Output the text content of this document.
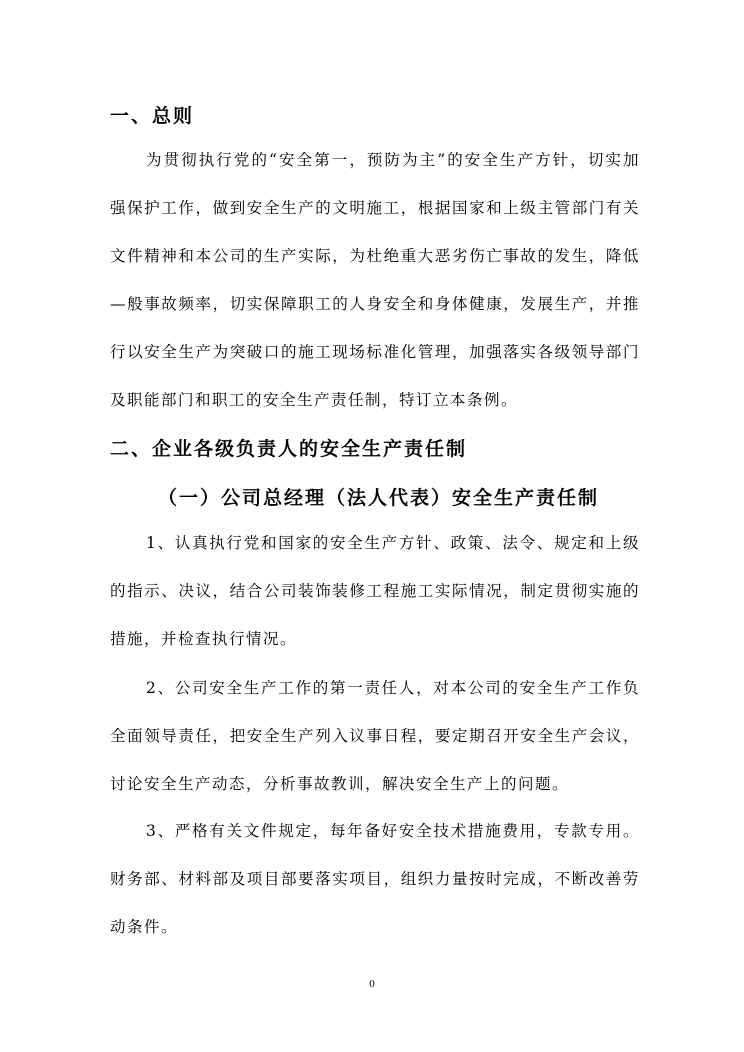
一、总则
为贯彻执行党的“安全第一，预防为主”的安全生产方针，切实加强保护工作，做到安全生产的文明施工，根据国家和上级主管部门有关文件精神和本公司的生产实际，为杜绝重大恶劣伤亡事故的发生，降低—般事故频率，切实保障职工的人身安全和身体健康，发展生产，并推行以安全生产为突破口的施工现场标准化管理，加强落实各级领导部门及职能部门和职工的安全生产责任制，特订立本条例。
二、企业各级负责人的安全生产责任制
（一）公司总经理（法人代表）安全生产责任制
1、认真执行党和国家的安全生产方针、政策、法令、规定和上级的指示、决议，结合公司装饰装修工程施工实际情况，制定贯彻实施的措施，并检查执行情况。
2、公司安全生产工作的第一责任人，对本公司的安全生产工作负全面领导责任，把安全生产列入议事日程，要定期召开安全生产会议，讨论安全生产动态，分析事故教训，解决安全生产上的问题。
3、严格有关文件规定，每年备好安全技术措施费用，专款专用。财务部、材料部及项目部要落实项目，组织力量按时完成，不断改善劳动条件。
0
